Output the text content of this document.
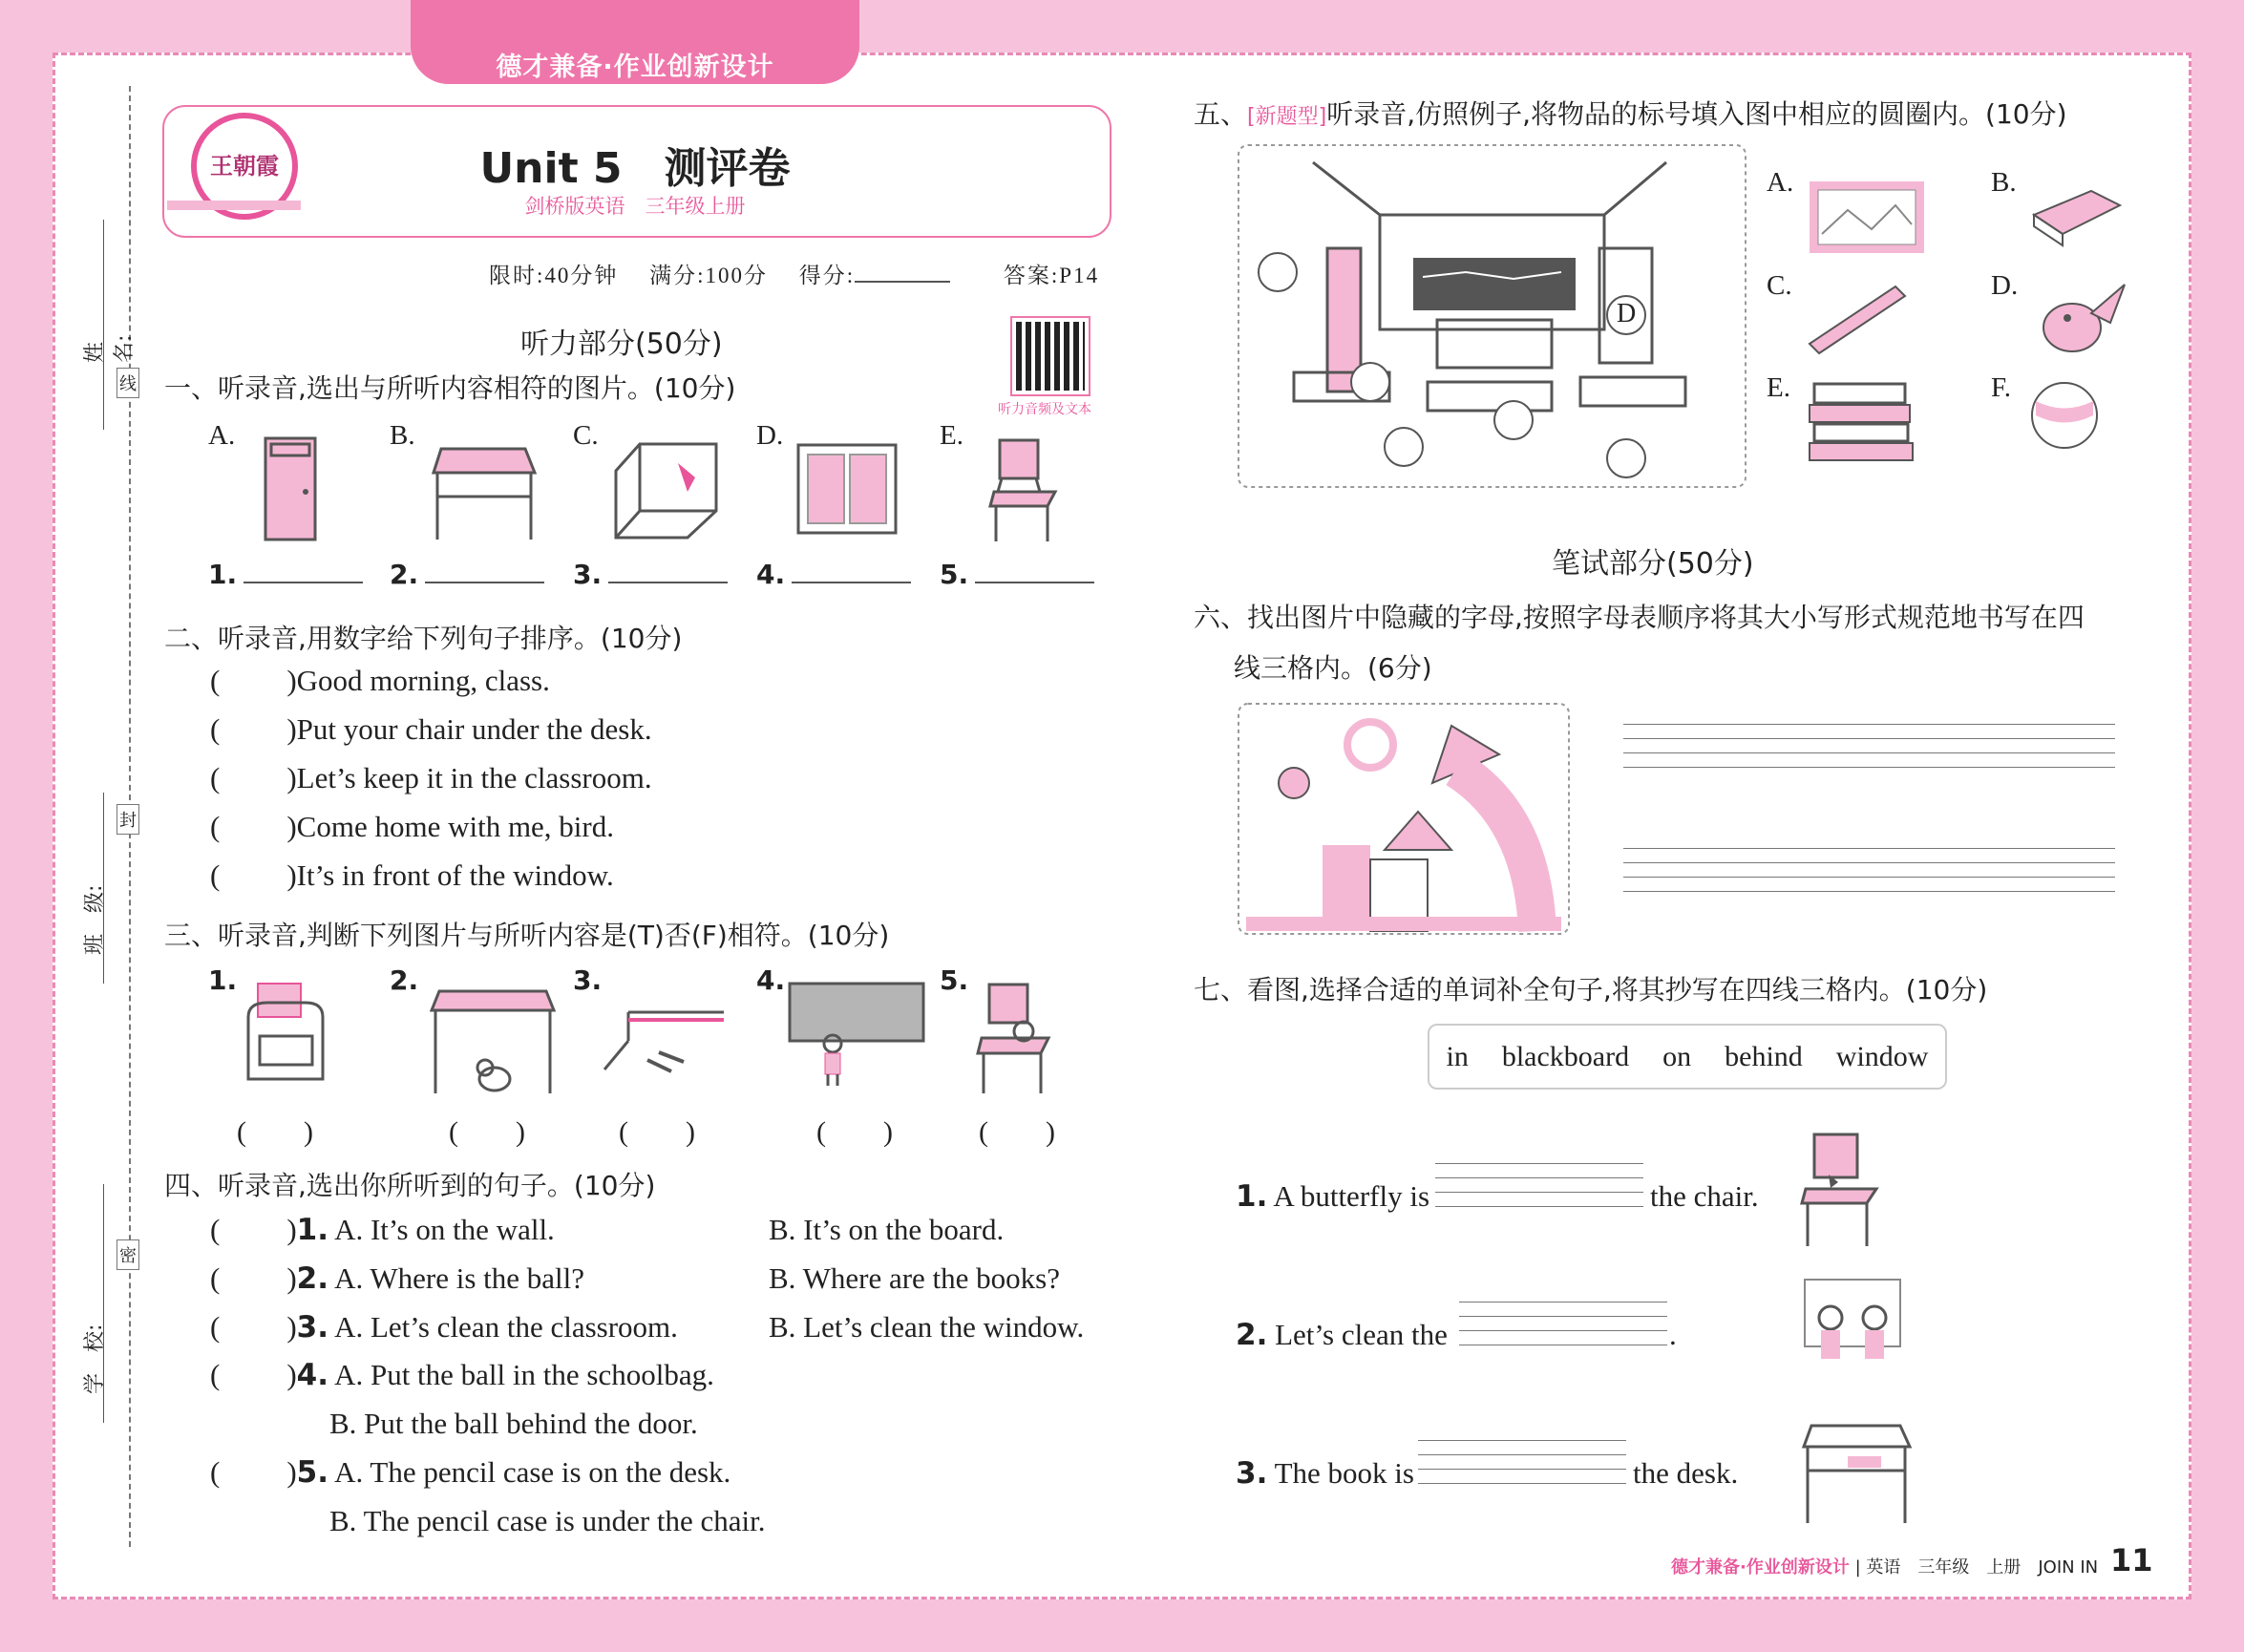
德才兼备·作业创新设计
姓　名:
班　级:
学　校:
线
封
密
王朝霞	Unit 5　测评卷
剑桥版英语　三年级上册
限时:40分钟　 满分:100分　 得分:	答案:P14
听力部分(50分)
听力音频及文本
一、听录音,选出与所听内容相符的图片。(10分)
A.	B.	C.	D.	E.
1.	2.	3.	4.	5.
二、听录音,用数字给下列句子排序。(10分)
( )Good morning, class.
( )Put your chair under the desk.
( )Let’s keep it in the classroom.
( )Come home with me, bird.
( )It’s in front of the window.
三、听录音,判断下列图片与所听内容是(T)否(F)相符。(10分)
1.	2.	3.	4.	5.
(　　)	(　　)	(　　)	(　　)	(　　)
四、听录音,选出你所听到的句子。(10分)
( )1. A. It’s on the wall.	B. It’s on the board.
( )2. A. Where is the ball?	B. Where are the books?
( )3. A. Let’s clean the classroom.	B. Let’s clean the window.
( )4. A. Put the ball in the schoolbag.
B. Put the ball behind the door.
( )5. A. The pencil case is on the desk.
B. The pencil case is under the chair.
五、[新题型]听录音,仿照例子,将物品的标号填入图中相应的圆圈内。(10分)
D
A.	B.
C.	D.
E.	F.
笔试部分(50分)
六、找出图片中隐藏的字母,按照字母表顺序将其大小写形式规范地书写在四
线三格内。(6分)
七、看图,选择合适的单词补全句子,将其抄写在四线三格内。(10分)
in blackboard on behind window
1. A butterfly is	the chair.
2. Let’s clean the	.
3. The book is	the desk.
德才兼备·作业创新设计 | 英语　三年级　上册　JOIN IN 11
